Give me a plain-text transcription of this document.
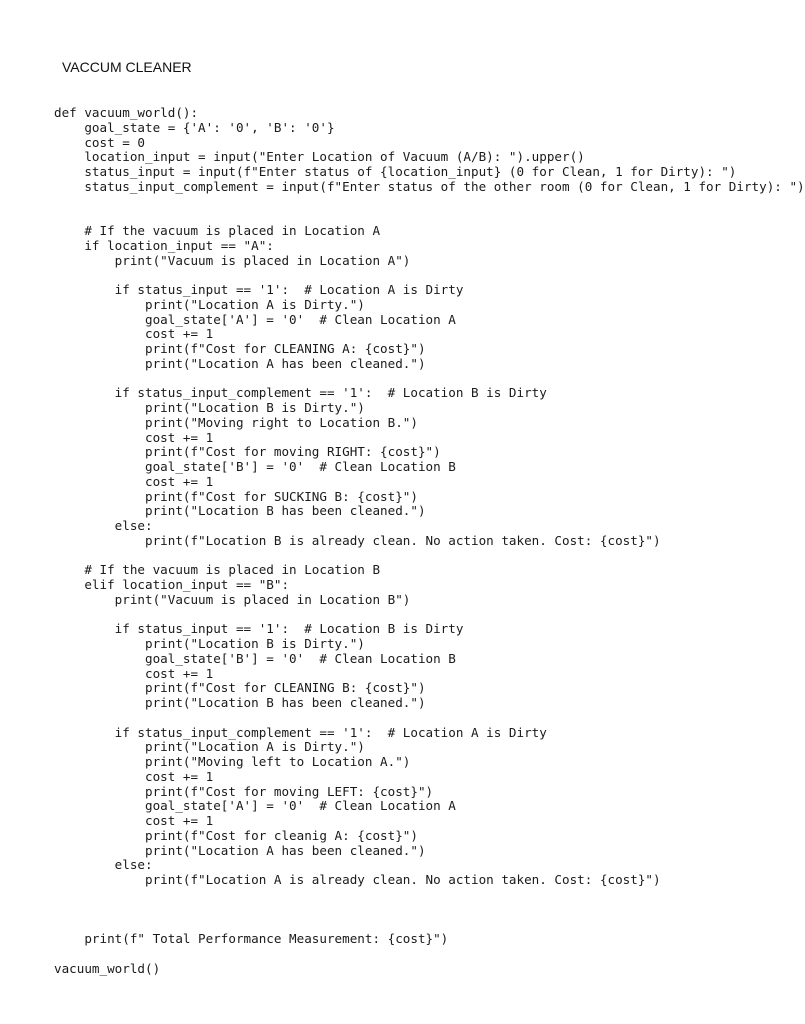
VACCUM CLEANER
def vacuum_world():
goal_state = {'A': '0', 'B': '0'}
cost = 0
location_input = input("Enter Location of Vacuum (A/B): ").upper()
status_input = input(f"Enter status of {location_input} (0 for Clean, 1 for Dirty): ")
status_input_complement = input(f"Enter status of the other room (0 for Clean, 1 for Dirty): ")
# If the vacuum is placed in Location A
if location_input == "A":
print("Vacuum is placed in Location A")
if status_input == '1':  # Location A is Dirty
print("Location A is Dirty.")
goal_state['A'] = '0'  # Clean Location A
cost += 1
print(f"Cost for CLEANING A: {cost}")
print("Location A has been cleaned.")
if status_input_complement == '1':  # Location B is Dirty
print("Location B is Dirty.")
print("Moving right to Location B.")
cost += 1
print(f"Cost for moving RIGHT: {cost}")
goal_state['B'] = '0'  # Clean Location B
cost += 1
print(f"Cost for SUCKING B: {cost}")
print("Location B has been cleaned.")
else:
print(f"Location B is already clean. No action taken. Cost: {cost}")
# If the vacuum is placed in Location B
elif location_input == "B":
print("Vacuum is placed in Location B")
if status_input == '1':  # Location B is Dirty
print("Location B is Dirty.")
goal_state['B'] = '0'  # Clean Location B
cost += 1
print(f"Cost for CLEANING B: {cost}")
print("Location B has been cleaned.")
if status_input_complement == '1':  # Location A is Dirty
print("Location A is Dirty.")
print("Moving left to Location A.")
cost += 1
print(f"Cost for moving LEFT: {cost}")
goal_state['A'] = '0'  # Clean Location A
cost += 1
print(f"Cost for cleanig A: {cost}")
print("Location A has been cleaned.")
else:
print(f"Location A is already clean. No action taken. Cost: {cost}")
print(f" Total Performance Measurement: {cost}")
vacuum_world()
